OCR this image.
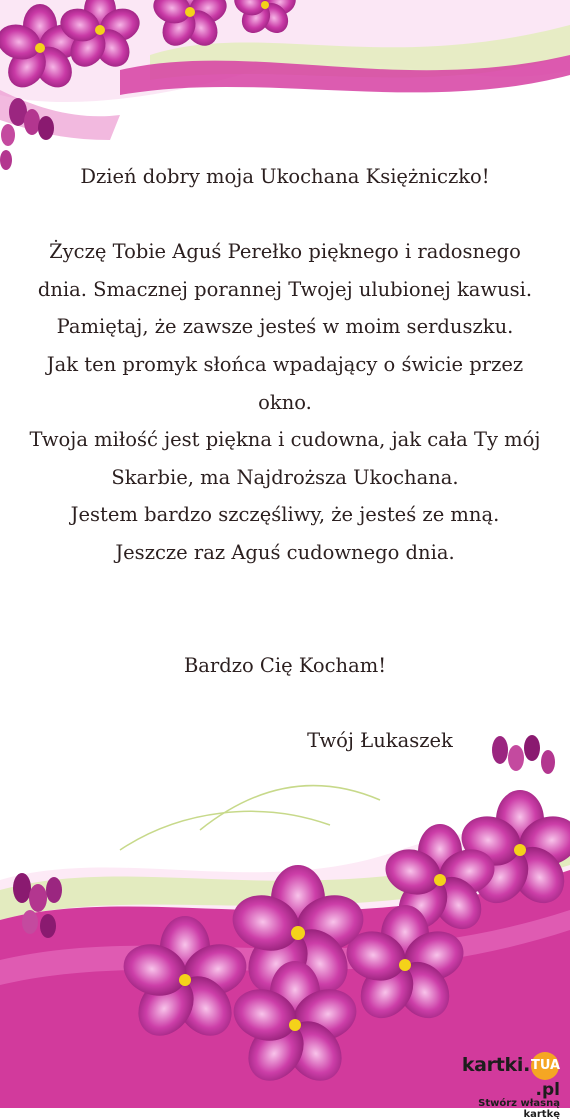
Dzień dobry moja Ukochana Księżniczko!

Życzę Tobie Aguś Perełko pięknego i radosnego

dnia. Smacznej porannej Twojej ulubionej kawusi.

Pamiętaj, że zawsze jesteś w moim serduszku.

Jak ten promyk słońca wpadający o świcie przez

okno.

Twoja miłość jest piękna i cudowna, jak cała Ty mój

Skarbie, ma Najdroższa Ukochana.

Jestem bardzo szczęśliwy, że jesteś ze mną.

Jeszcze raz Aguś cudownego dnia.

Bardzo Cię Kocham!

Twój Łukaszek

kartki.TUA.pl
Stwórz własną kartkę
